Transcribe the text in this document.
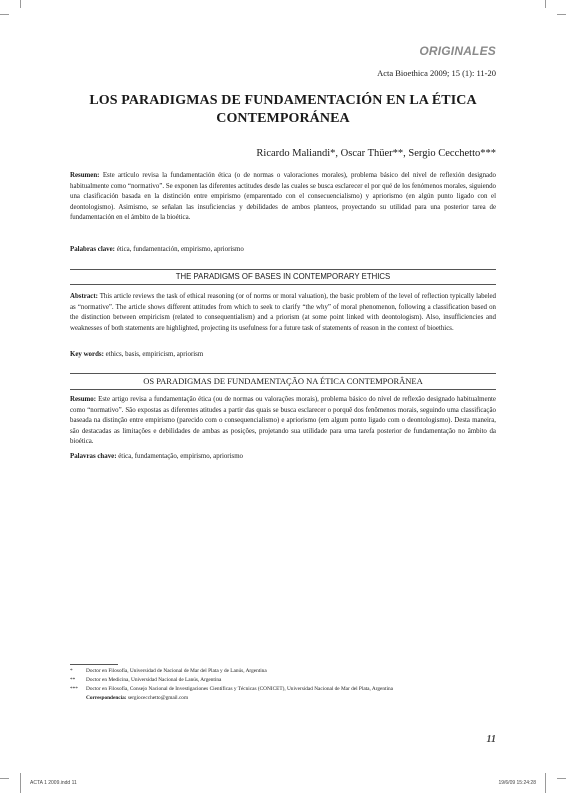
ORIGINALES
Acta Bioethica 2009; 15 (1): 11-20
LOS PARADIGMAS DE FUNDAMENTACIÓN EN LA ÉTICA
CONTEMPORÁNEA
Ricardo Maliandi*, Oscar Thüer**, Sergio Cecchetto***
Resumen: Este artículo revisa la fundamentación ética (o de normas o valoraciones morales), problema básico del nivel de reflexión designado habitualmente como “normativo”. Se exponen las diferentes actitudes desde las cuales se busca esclarecer el por qué de los fenómenos morales, siguiendo una clasificación basada en la distinción entre empirismo (emparentado con el consecuencialismo) y apriorismo (en algún punto ligado con el deontologismo). Asimismo, se señalan las insuficiencias y debilidades de ambos planteos, proyectando su utilidad para una posterior tarea de fundamentación en el ámbito de la bioética.
Palabras clave: ética, fundamentación, empirismo, apriorismo
THE PARADIGMS OF BASES IN CONTEMPORARY ETHICS
Abstract: This article reviews the task of ethical reasoning (or of norms or moral valuation), the basic problem of the level of reflection typically labeled as “normative”. The article shows different attitudes from which to seek to clarify “the why” of moral phenomenon, following a classification based on the distinction between empiricism (related to consequentialism) and a priorism (at some point linked with deontologism). Also, insufficiencies and weaknesses of both statements are highlighted, projecting its usefulness for a future task of statements of reason in the context of bioethics.
Key words: ethics, basis, empiricism, apriorism
OS PARADIGMAS DE FUNDAMENTAÇÃO NA ÉTICA CONTEMPORÂNEA
Resumo: Este artigo revisa a fundamentação ética (ou de normas ou valorações morais), problema básico do nível de reflexão designado habitualmente como “normativo”. São expostas as diferentes atitudes a partir das quais se busca esclarecer o porquê dos fenômenos morais, seguindo uma classificação baseada na distinção entre empirismo (parecido com o consequencialismo) e apriorismo (em algum ponto ligado com o deontologismo). Desta maneira, são destacadas as limitações e debilidades de ambas as posições, projetando sua utilidade para uma tarefa posterior de fundamentação no âmbito da bioética.
Palavras chave: ética, fundamentação, empirismo, apriorismo
*	Doctor en Filosofía, Universidad de Nacional de Mar del Plata y de Lanús, Argentina
** Doctor en Medicina, Universidad Nacional de Lanús, Argentina
*** Doctor en Filosofía, Consejo Nacional de Investigaciones Científicas y Técnicas (CONICET), Universidad Nacional de Mar del Plata, Argentina
Correspondencia: sergiocecchetto@gmail.com
11
ACTA 1 2009.indd 11	19/6/09 15:24:28
